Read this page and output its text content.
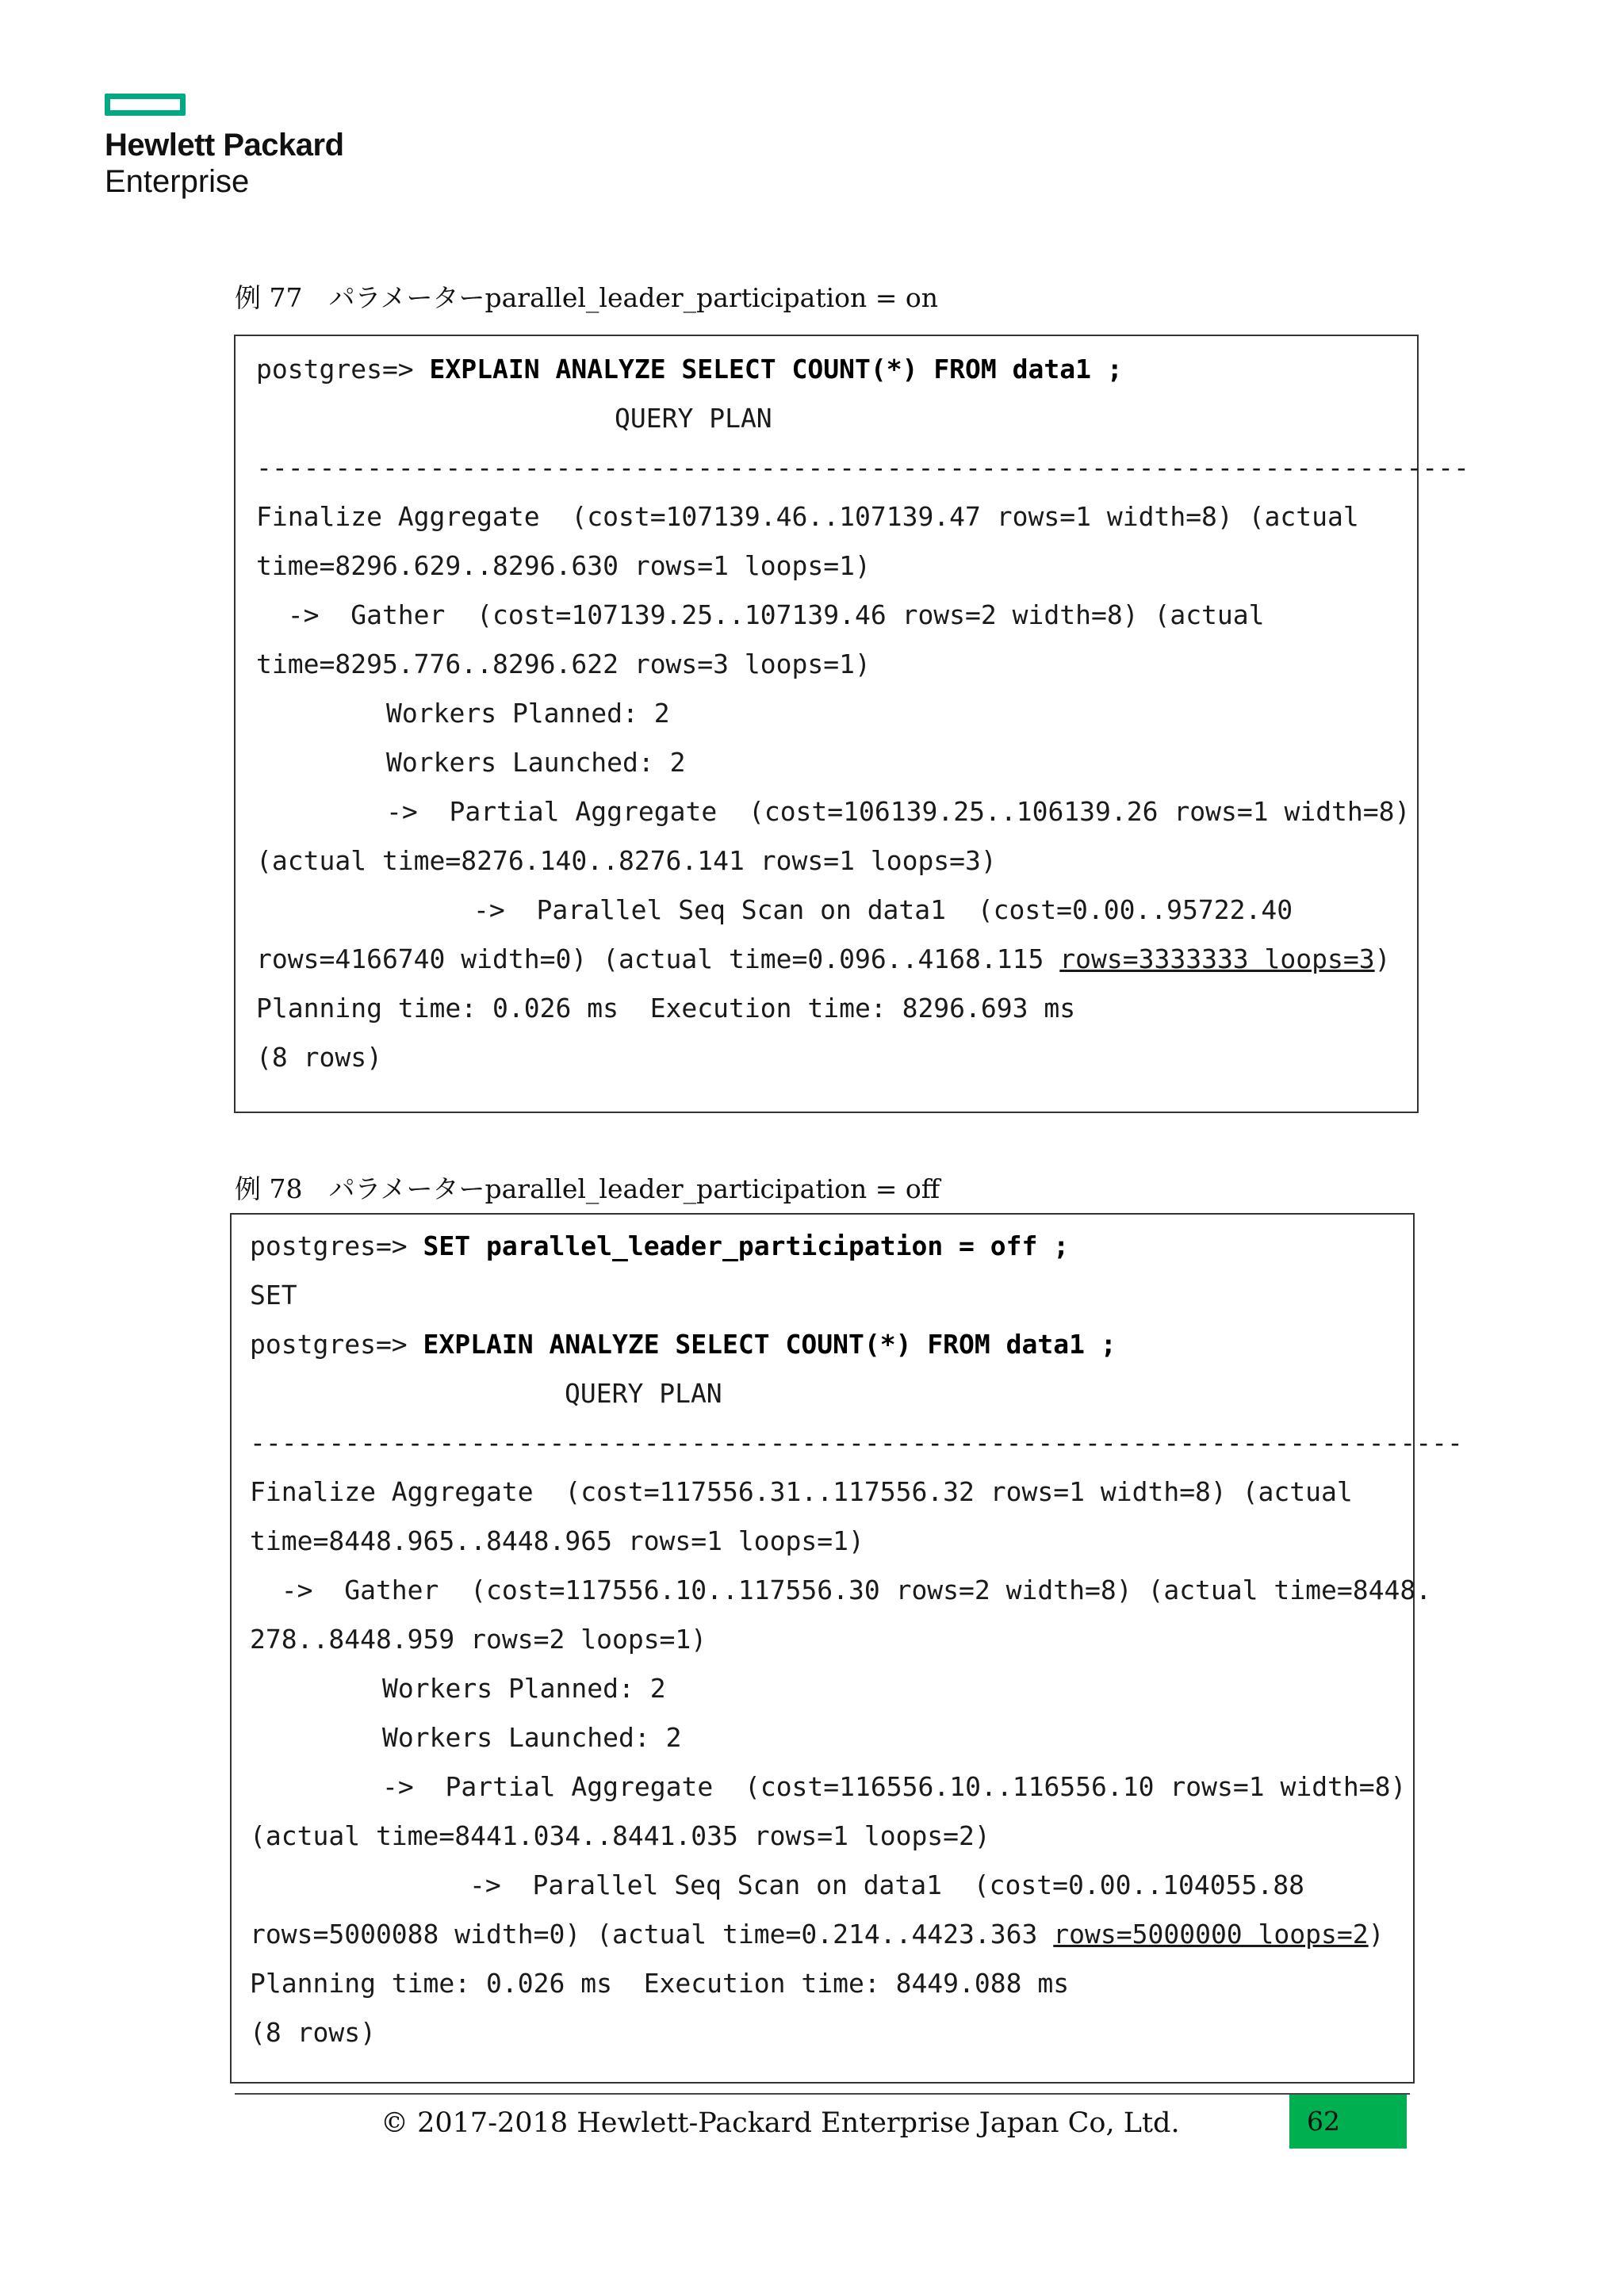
Hewlett Packard
Enterprise
例 77　パラメーターparallel_leader_participation = on
postgres=> EXPLAIN ANALYZE SELECT COUNT(*) FROM data1 ;
QUERY PLAN
-----------------------------------------------------------------------------
Finalize Aggregate  (cost=107139.46..107139.47 rows=1 width=8) (actual
time=8296.629..8296.630 rows=1 loops=1)
->  Gather  (cost=107139.25..107139.46 rows=2 width=8) (actual
time=8295.776..8296.622 rows=3 loops=1)
Workers Planned: 2
Workers Launched: 2
->  Partial Aggregate  (cost=106139.25..106139.26 rows=1 width=8)
(actual time=8276.140..8276.141 rows=1 loops=3)
->  Parallel Seq Scan on data1  (cost=0.00..95722.40
rows=4166740 width=0) (actual time=0.096..4168.115 rows=3333333 loops=3)
Planning time: 0.026 ms  Execution time: 8296.693 ms
(8 rows)
例 78　パラメーターparallel_leader_participation = off
postgres=> SET parallel_leader_participation = off ;
SET
postgres=> EXPLAIN ANALYZE SELECT COUNT(*) FROM data1 ;
QUERY PLAN
-----------------------------------------------------------------------------
Finalize Aggregate  (cost=117556.31..117556.32 rows=1 width=8) (actual
time=8448.965..8448.965 rows=1 loops=1)
->  Gather  (cost=117556.10..117556.30 rows=2 width=8) (actual time=8448.
278..8448.959 rows=2 loops=1)
Workers Planned: 2
Workers Launched: 2
->  Partial Aggregate  (cost=116556.10..116556.10 rows=1 width=8)
(actual time=8441.034..8441.035 rows=1 loops=2)
->  Parallel Seq Scan on data1  (cost=0.00..104055.88
rows=5000088 width=0) (actual time=0.214..4423.363 rows=5000000 loops=2)
Planning time: 0.026 ms  Execution time: 8449.088 ms
(8 rows)
© 2017-2018 Hewlett-Packard Enterprise Japan Co, Ltd.	62
